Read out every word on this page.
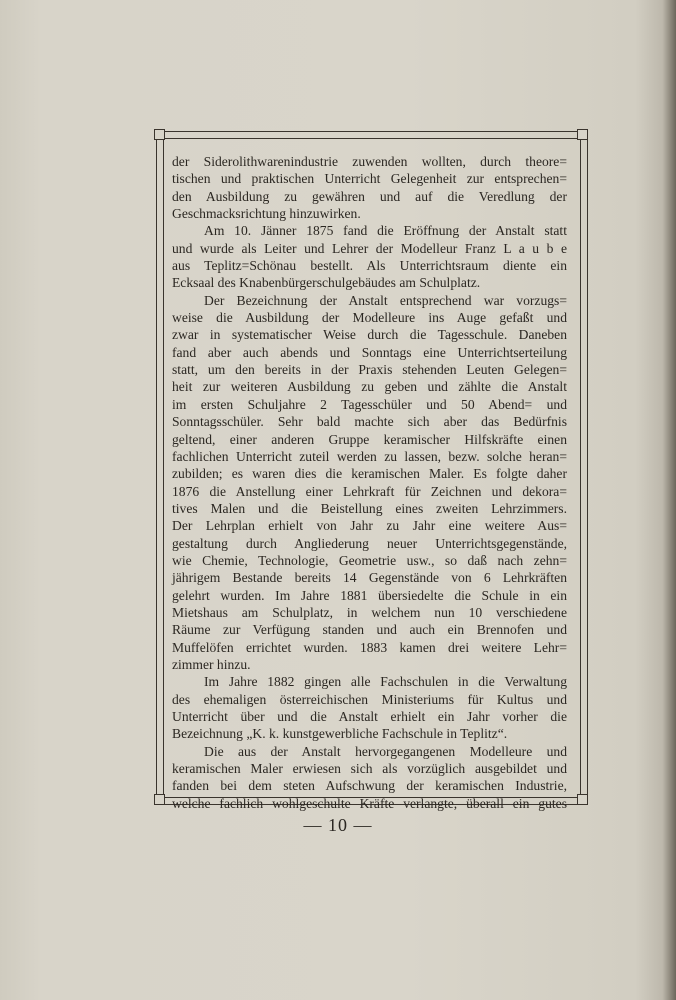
der Siderolithwarenindustrie zuwenden wollten, durch theore=
tischen und praktischen Unterricht Gelegenheit zur entsprechen=
den Ausbildung zu gewähren und auf die Veredlung der
Geschmacksrichtung hinzuwirken.
Am 10. Jänner 1875 fand die Eröffnung der Anstalt statt
und wurde als Leiter und Lehrer der Modelleur Franz L a u b e
aus Teplitz=Schönau bestellt. Als Unterrichtsraum diente ein
Ecksaal des Knabenbürgerschulgebäudes am Schulplatz.
Der Bezeichnung der Anstalt entsprechend war vorzugs=
weise die Ausbildung der Modelleure ins Auge gefaßt und
zwar in systematischer Weise durch die Tagesschule. Daneben
fand aber auch abends und Sonntags eine Unterrichtserteilung
statt, um den bereits in der Praxis stehenden Leuten Gelegen=
heit zur weiteren Ausbildung zu geben und zählte die Anstalt
im ersten Schuljahre 2 Tagesschüler und 50 Abend= und
Sonntagsschüler. Sehr bald machte sich aber das Bedürfnis
geltend, einer anderen Gruppe keramischer Hilfskräfte einen
fachlichen Unterricht zuteil werden zu lassen, bezw. solche heran=
zubilden; es waren dies die keramischen Maler. Es folgte daher
1876 die Anstellung einer Lehrkraft für Zeichnen und dekora=
tives Malen und die Beistellung eines zweiten Lehrzimmers.
Der Lehrplan erhielt von Jahr zu Jahr eine weitere Aus=
gestaltung durch Angliederung neuer Unterrichtsgegenstände,
wie Chemie, Technologie, Geometrie usw., so daß nach zehn=
jährigem Bestande bereits 14 Gegenstände von 6 Lehrkräften
gelehrt wurden. Im Jahre 1881 übersiedelte die Schule in ein
Mietshaus am Schulplatz, in welchem nun 10 verschiedene
Räume zur Verfügung standen und auch ein Brennofen und
Muffelöfen errichtet wurden. 1883 kamen drei weitere Lehr=
zimmer hinzu.
Im Jahre 1882 gingen alle Fachschulen in die Verwaltung
des ehemaligen österreichischen Ministeriums für Kultus und
Unterricht über und die Anstalt erhielt ein Jahr vorher die
Bezeichnung „K. k. kunstgewerbliche Fachschule in Teplitz“.
Die aus der Anstalt hervorgegangenen Modelleure und
keramischen Maler erwiesen sich als vorzüglich ausgebildet und
fanden bei dem steten Aufschwung der keramischen Industrie,
welche fachlich wohlgeschulte Kräfte verlangte, überall ein gutes
— 10 —
